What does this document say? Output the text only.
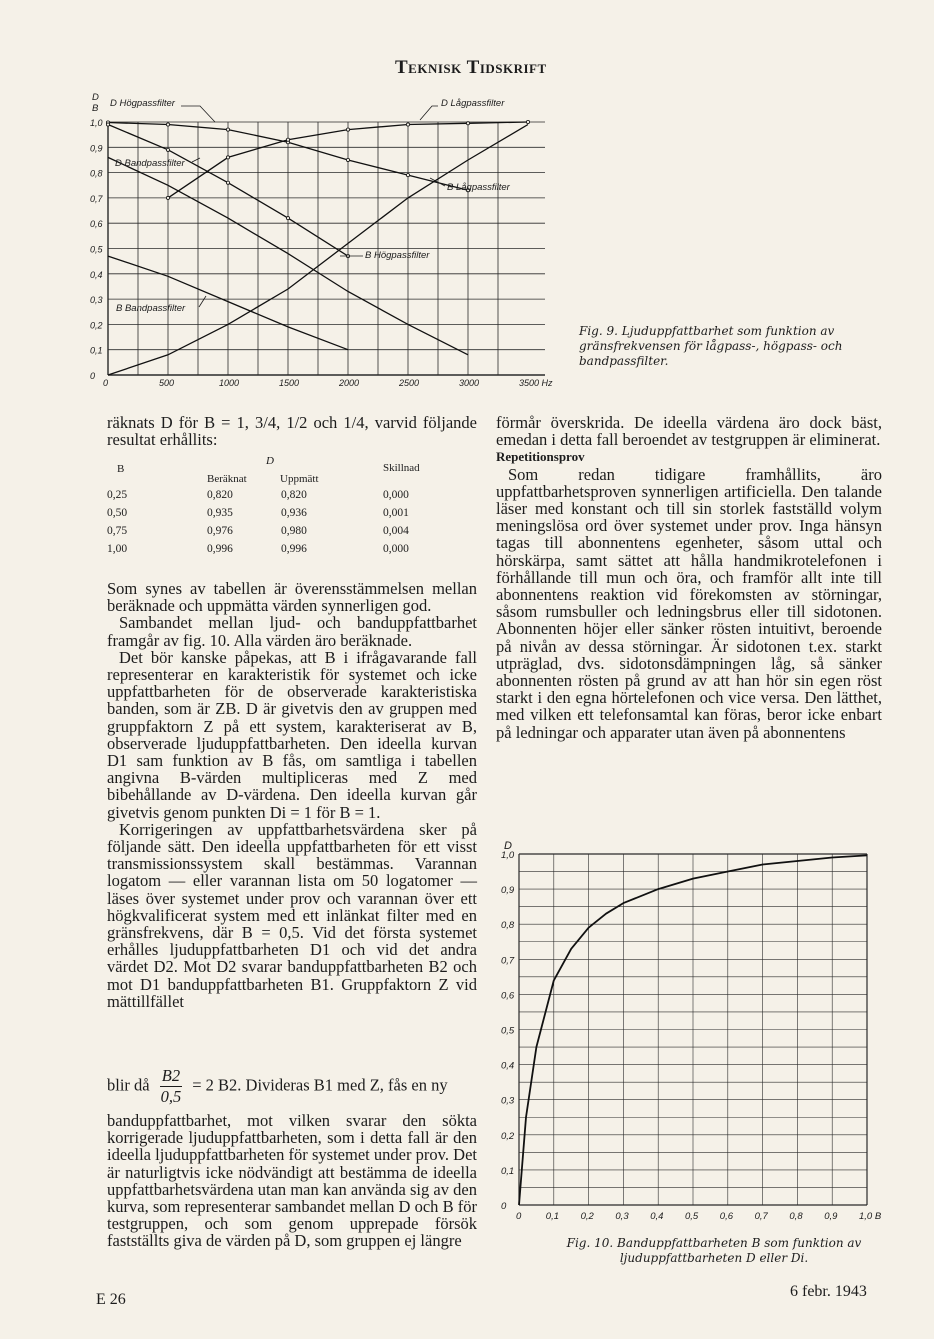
Teknisk Tidskrift
1,0
0,9
0,8
0,7
0,6
0,5
0,4
0,3
0,2
0,1
0
0	500	1000	1500	2000	2500	3000	3500 Hz
D
B D Högpassfilter	D Lågpassfilter
D Bandpassfilter
B Lågpassfilter
B Högpassfilter
B Bandpassfilter
Fig. 9. Ljuduppfattbarhet som funktion av gränsfrekvensen för lågpass-, högpass- och bandpassfilter.
räknats D för B = 1, 3/4, 1/2 och 1/4, varvid följande resultat erhållits:
B
D
Beräknat	Uppmätt
Skillnad
0,25	0,820	0,820	0,000
0,50	0,935	0,936	0,001
0,75	0,976	0,980	0,004
1,00	0,996	0,996	0,000

Som synes av tabellen är överensstämmelsen mellan beräknade och uppmätta värden synnerligen god.

Sambandet mellan ljud- och banduppfattbarhet framgår av fig. 10. Alla värden äro beräknade.

Det bör kanske påpekas, att B i ifrågavarande fall representerar en karakteristik för systemet och icke uppfattbarheten för de observerade karakteristiska banden, som är ZB. D är givetvis den av gruppen med gruppfaktorn Z på ett system, karakteriserat av B, observerade ljuduppfattbarheten. Den ideella kurvan D1 sam funktion av B fås, om samtliga i tabellen angivna B-värden multipliceras med Z med bibehållande av D-värdena. Den ideella kurvan går givetvis genom punkten Di = 1 för B = 1.

Korrigeringen av uppfattbarhetsvärdena sker på följande sätt. Den ideella uppfattbarheten för ett visst transmissionssystem skall bestämmas. Varannan logatom — eller varannan lista om 50 logatomer — läses över systemet under prov och varannan över ett högkvalificerat system med ett inlänkat filter med en gränsfrekvens, där B = 0,5. Vid det första systemet erhålles ljuduppfattbarheten D1 och vid det andra värdet D2. Mot D2 svarar banduppfattbarheten B2 och mot D1 banduppfattbarheten B1. Gruppfaktorn Z vid mättillfället

blir då $\frac{B2}{0,5} = 2$ B2. Divideras B1 med Z, fås en ny
banduppfattbarhet, mot vilken svarar den sökta korrigerade ljuduppfattbarheten, som i detta fall är den ideella ljuduppfattbarheten för systemet under prov. Det är naturligtvis icke nödvändigt att bestämma de ideella uppfattbarhetsvärdena utan man kan använda sig av den kurva, som representerar sambandet mellan D och B för testgruppen, och som genom upprepade försök fastställts giva de värden på D, som gruppen ej längre

förmår överskrida. De ideella värdena äro dock bäst, emedan i detta fall beroendet av testgruppen är eliminerat.

Repetitionsprov

Som redan tidigare framhållits, äro uppfattbarhetsproven synnerligen artificiella. Den talande läser med konstant och till sin storlek fastställd volym meningslösa ord över systemet under prov. Inga hänsyn tagas till abonnentens egenheter, såsom uttal och hörskärpa, samt sättet att hålla handmikrotelefonen i förhållande till mun och öra, och framför allt inte till abonnentens reaktion vid förekomsten av störningar, såsom rumsbuller och ledningsbrus eller till sidotonen. Abonnenten höjer eller sänker rösten intuitivt, beroende på nivån av dessa störningar. Är sidotonen t.ex. starkt utpräglad, dvs. sidotonsdämpningen låg, så sänker abonnenten rösten på grund av att han hör sin egen röst starkt i den egna hörtelefonen och vice versa. Den lätthet, med vilken ett telefonsamtal kan föras, beror icke enbart på ledningar och apparater utan även på abonnentens

1,0
0,9
0,8
0,7
0,6
0,5
0,4
0,3
0,2
0,1
0
0	0,1 0,2 0,3 0,4 0,5 0,6 0,7 0,8 0,9 1,0 B
D
Fig. 10. Banduppfattbarheten B som funktion av ljuduppfattbarheten D eller Di.
E 26	6 febr. 1943
